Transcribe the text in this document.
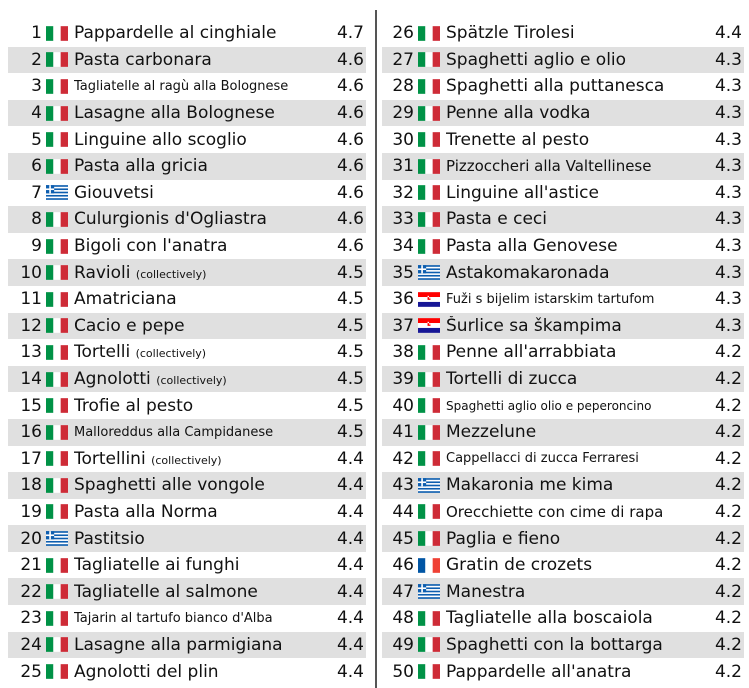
1 Pappardelle al cinghiale	4.7
2 Pasta carbonara	4.6
3 Tagliatelle al ragù alla Bolognese	4.6
4 Lasagne alla Bolognese	4.6
5 Linguine allo scoglio	4.6
6 Pasta alla gricia	4.6
7 Giouvetsi	4.6
8 Culurgionis d'Ogliastra	4.6
9 Bigoli con l'anatra	4.6
10 Ravioli (collectively)	4.5
11 Amatriciana	4.5
12 Cacio e pepe	4.5
13 Tortelli (collectively)	4.5
14 Agnolotti (collectively)	4.5
15 Trofie al pesto	4.5
16 Malloreddus alla Campidanese	4.5
17 Tortellini (collectively)	4.4
18 Spaghetti alle vongole	4.4
19 Pasta alla Norma	4.4
20 Pastitsio	4.4
21 Tagliatelle ai funghi	4.4
22 Tagliatelle al salmone	4.4
23 Tajarin al tartufo bianco d'Alba	4.4
24 Lasagne alla parmigiana	4.4
25 Agnolotti del plin	4.4
26 Spätzle Tirolesi	4.4
27 Spaghetti aglio e olio	4.3
28 Spaghetti alla puttanesca	4.3
29 Penne alla vodka	4.3
30 Trenette al pesto	4.3
31 Pizzoccheri alla Valtellinese	4.3
32 Linguine all'astice	4.3
33 Pasta e ceci	4.3
34 Pasta alla Genovese	4.3
35 Astakomakaronada	4.3
36 Fuži s bijelim istarskim tartufom	4.3
37 Šurlice sa škampima	4.3
38 Penne all'arrabbiata	4.2
39 Tortelli di zucca	4.2
40	Spaghetti aglio olio e peperoncino	4.2
41 Mezzelune	4.2
42 Cappellacci di zucca Ferraresi	4.2
43 Makaronia me kima	4.2
44 Orecchiette con cime di rapa	4.2
45 Paglia e fieno	4.2
46 Gratin de crozets	4.2
47 Manestra	4.2
48 Tagliatelle alla boscaiola	4.2
49 Spaghetti con la bottarga	4.2
50 Pappardelle all'anatra	4.2
